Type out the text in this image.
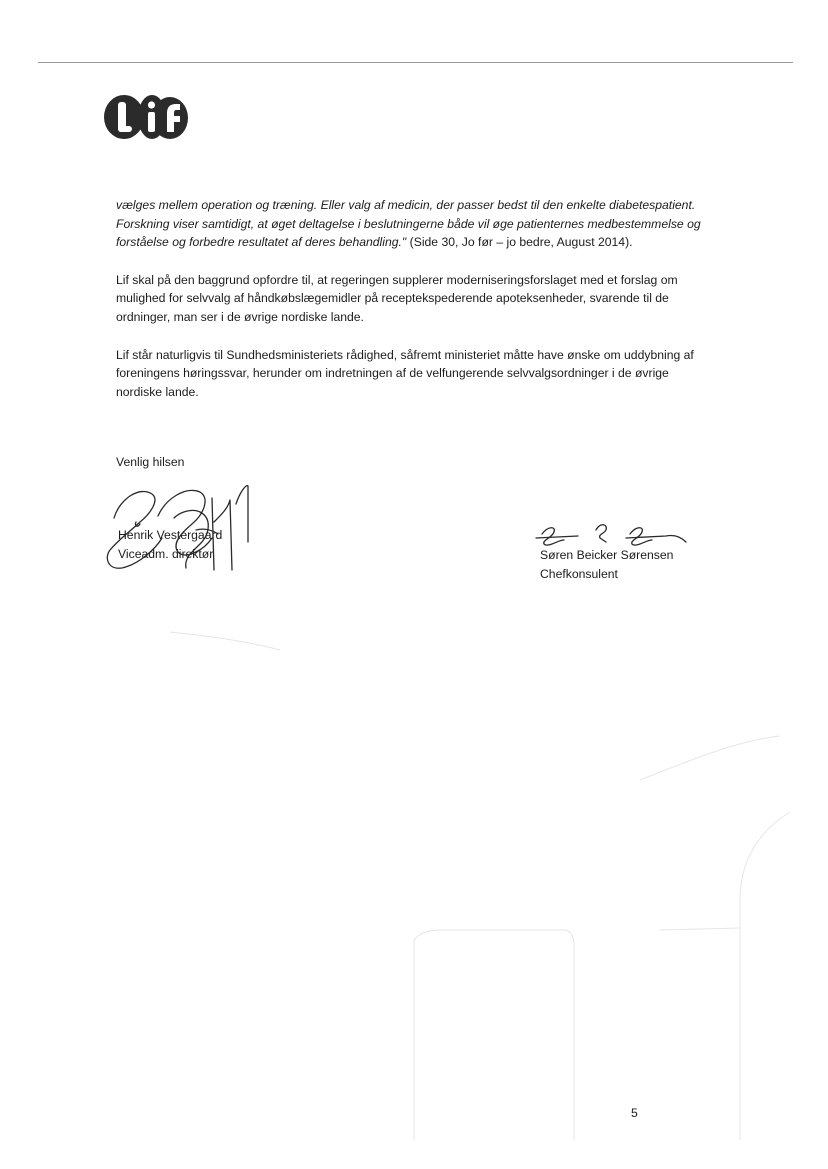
vælges mellem operation og træning. Eller valg af medicin, der passer bedst til den enkelte diabetespatient. Forskning viser samtidigt, at øget deltagelse i beslutningerne både vil øge patienternes medbestemmelse og forståelse og forbedre resultatet af deres behandling." (Side 30, Jo før – jo bedre, August 2014).

Lif skal på den baggrund opfordre til, at regeringen supplerer moderniseringsforslaget med et forslag om mulighed for selvvalg af håndkøbslægemidler på receptekspederende apoteksenheder, svarende til de ordninger, man ser i de øvrige nordiske lande.

Lif står naturligvis til Sundhedsministeriets rådighed, såfremt ministeriet måtte have ønske om uddybning af foreningens høringssvar, herunder om indretningen af de velfungerende selvvalgsordninger i de øvrige nordiske lande.

Venlig hilsen
Henrik Vestergaard
Viceadm. direktør	Søren Beicker Sørensen
Chefkonsulent
5
